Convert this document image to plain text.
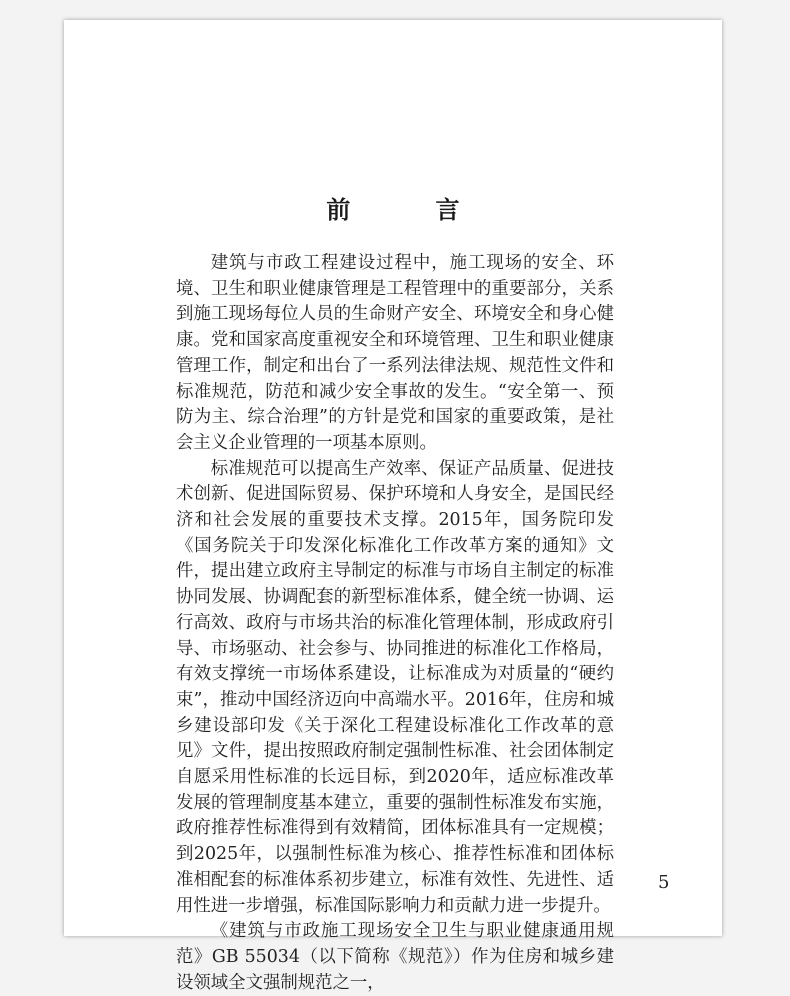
前 言

建筑与市政工程建设过程中，施工现场的安全、环境、卫生和职业健康管理是工程管理中的重要部分，关系到施工现场每位人员的生命财产安全、环境安全和身心健康。党和国家高度重视安全和环境管理、卫生和职业健康管理工作，制定和出台了一系列法律法规、规范性文件和标准规范，防范和减少安全事故的发生。“安全第一、预防为主、综合治理”的方针是党和国家的重要政策，是社会主义企业管理的一项基本原则。

标准规范可以提高生产效率、保证产品质量、促进技术创新、促进国际贸易、保护环境和人身安全，是国民经济和社会发展的重要技术支撑。2015年，国务院印发《国务院关于印发深化标准化工作改革方案的通知》文件，提出建立政府主导制定的标准与市场自主制定的标准协同发展、协调配套的新型标准体系，健全统一协调、运行高效、政府与市场共治的标准化管理体制，形成政府引导、市场驱动、社会参与、协同推进的标准化工作格局，有效支撑统一市场体系建设，让标准成为对质量的“硬约束”，推动中国经济迈向中高端水平。2016年，住房和城乡建设部印发《关于深化工程建设标准化工作改革的意见》文件，提出按照政府制定强制性标准、社会团体制定自愿采用性标准的长远目标，到2020年，适应标准改革发展的管理制度基本建立，重要的强制性标准发布实施，政府推荐性标准得到有效精简，团体标准具有一定规模；到2025年，以强制性标准为核心、推荐性标准和团体标准相配套的标准体系初步建立，标准有效性、先进性、适用性进一步增强，标准国际影响力和贡献力进一步提升。

《建筑与市政施工现场安全卫生与职业健康通用规范》GB 55034（以下简称《规范》）作为住房和城乡建设领域全文强制规范之一，

5
